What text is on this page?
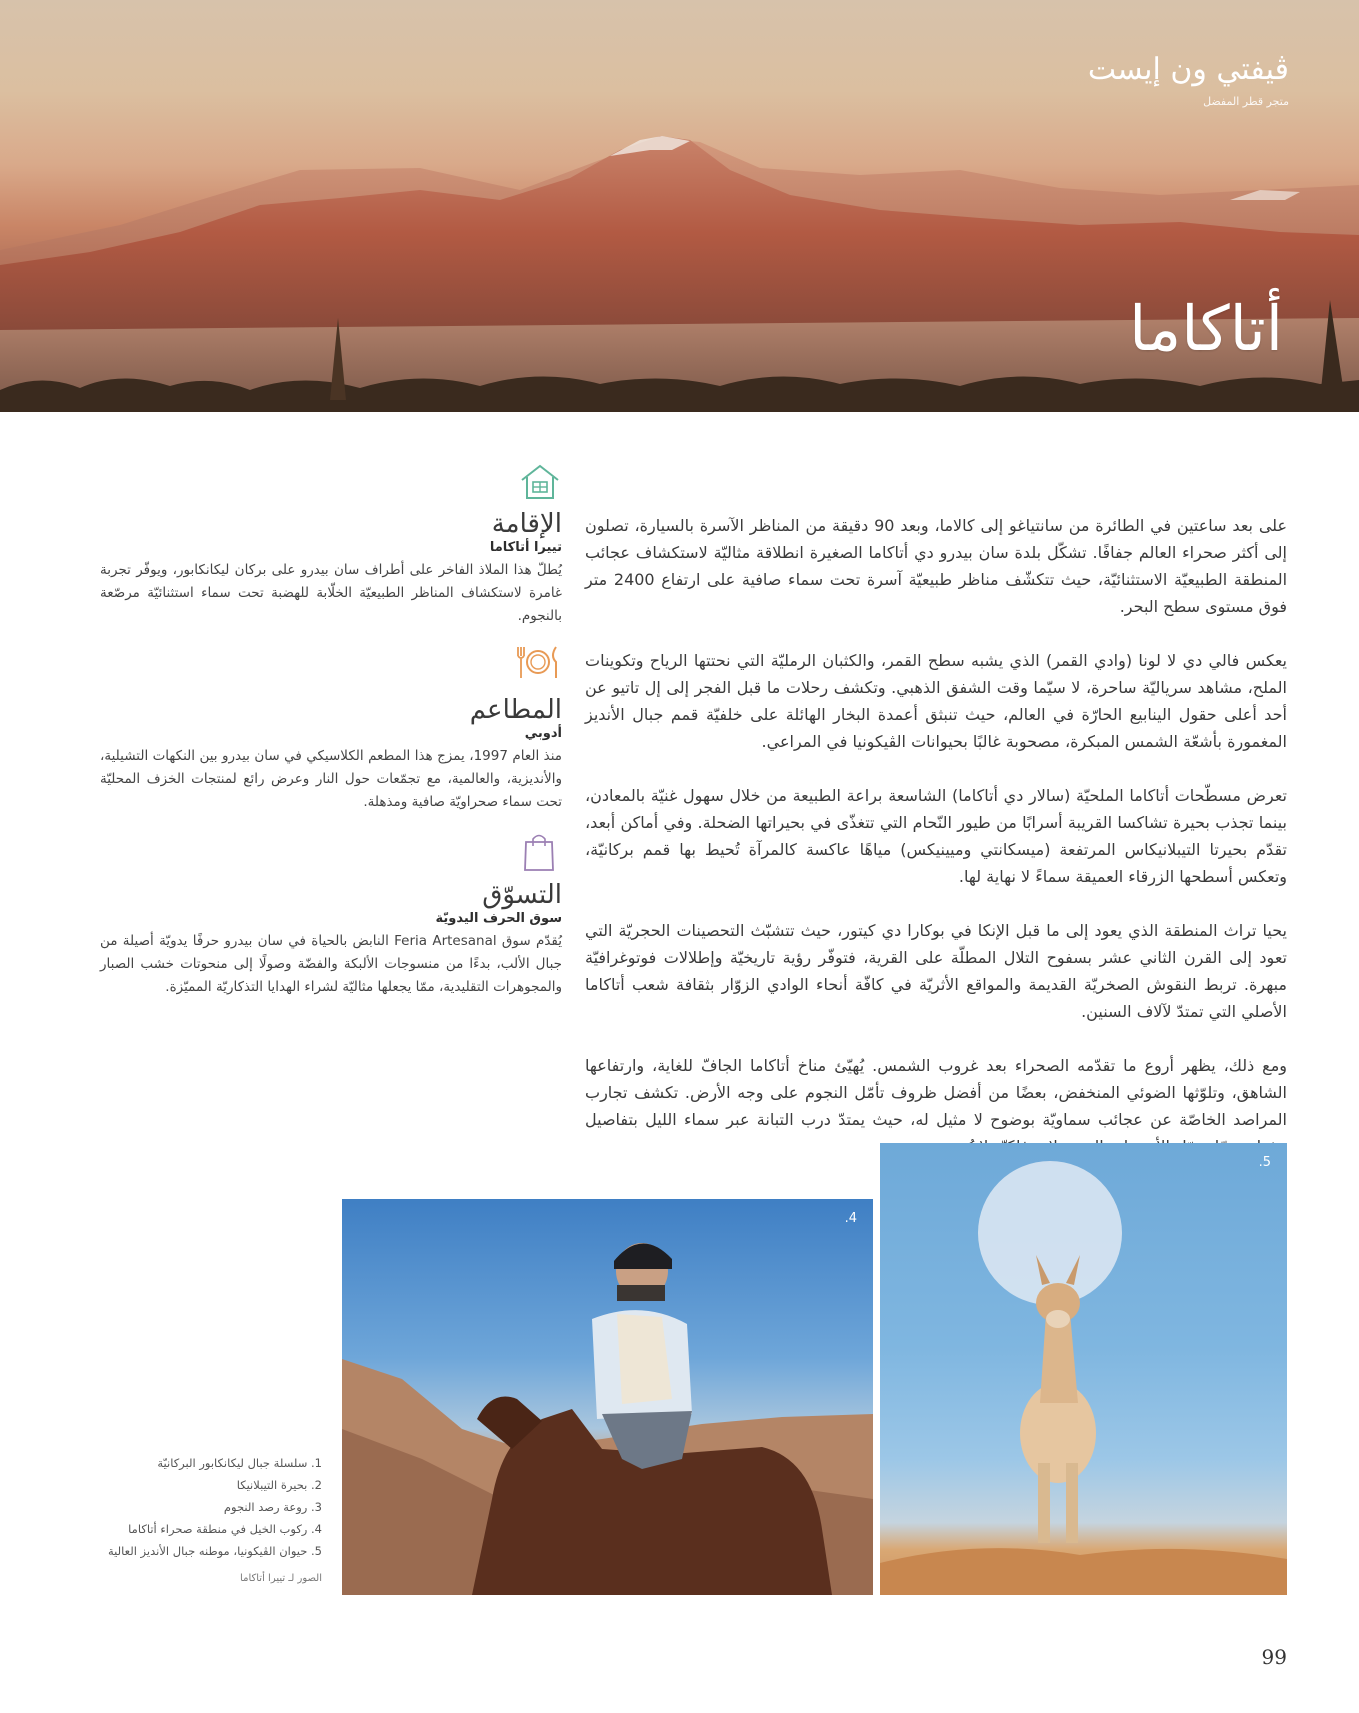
ڤيفتي ون إيست
متجر قطر المفضل
أتاكاما

على بعد ساعتين في الطائرة من سانتياغو إلى كالاما، وبعد 90 دقيقة من المناظر الآسرة بالسيارة، تصلون إلى أكثر صحراء العالم جفافًا. تشكّل بلدة سان بيدرو دي أتاكاما الصغيرة انطلاقة مثاليّة لاستكشاف عجائب المنطقة الطبيعيّة الاستثنائيّة، حيث تتكشّف مناظر طبيعيّة آسرة تحت سماء صافية على ارتفاع 2400 متر فوق مستوى سطح البحر.

يعكس فالي دي لا لونا (وادي القمر) الذي يشبه سطح القمر، والكثبان الرمليّة التي نحتتها الرياح وتكوينات الملح، مشاهد سرياليّة ساحرة، لا سيّما وقت الشفق الذهبي. وتكشف رحلات ما قبل الفجر إلى إل تاتيو عن أحد أعلى حقول الينابيع الحارّة في العالم، حيث تنبثق أعمدة البخار الهائلة على خلفيّة قمم جبال الأنديز المغمورة بأشعّة الشمس المبكرة، مصحوبة غالبًا بحيوانات الڤيكونيا في المراعي.

تعرض مسطّحات أتاكاما الملحيّة (سالار دي أتاكاما) الشاسعة براعة الطبيعة من خلال سهول غنيّة بالمعادن، بينما تجذب بحيرة تشاكسا القريبة أسرابًا من طيور النّحام التي تتغذّى في بحيراتها الضحلة. وفي أماكن أبعد، تقدّم بحيرتا التيبلانيكاس المرتفعة (ميسكانتي وميينيكس) مياهًا عاكسة كالمرآة تُحيط بها قمم بركانيّة، وتعكس أسطحها الزرقاء العميقة سماءً لا نهاية لها.

يحيا تراث المنطقة الذي يعود إلى ما قبل الإنكا في بوكارا دي كيتور، حيث تتشبّث التحصينات الحجريّة التي تعود إلى القرن الثاني عشر بسفوح التلال المطلّة على القرية، فتوفّر رؤية تاريخيّة وإطلالات فوتوغرافيّة مبهرة. تربط النقوش الصخريّة القديمة والمواقع الأثريّة في كافّة أنحاء الوادي الزوّار بثقافة شعب أتاكاما الأصلي التي تمتدّ لآلاف السنين.

ومع ذلك، يظهر أروع ما تقدّمه الصحراء بعد غروب الشمس. يُهيّئ مناخ أتاكاما الجافّ للغاية، وارتفاعها الشاهق، وتلوّثها الضوئي المنخفض، بعضًا من أفضل ظروف تأمّل النجوم على وجه الأرض. تكشف تجارب المراصد الخاصّة عن عجائب سماويّة بوضوح لا مثيل له، حيث يمتدّ درب التبانة عبر سماء الليل بتفاصيل

الإقامة
تييرا أتاكاما

يُطلّ هذا الملاذ الفاخر على أطراف سان بيدرو على بركان ليكانكابور، ويوفّر تجربة غامرة لاستكشاف المناظر الطبيعيّة الخلّابة للهضبة تحت سماء استثنائيّة مرصّعة بالنجوم.

المطاعم
أدوبي

منذ العام 1997، يمزج هذا المطعم الكلاسيكي في سان بيدرو بين النكهات التشيلية، والأنديزية، والعالمية، مع تجمّعات حول النار وعرض رائع لمنتجات الخزف المحليّة تحت سماء صحراويّة صافية ومذهلة.

التسوّق
سوق الحرف اليدويّة

يُقدّم سوق Feria Artesanal النابض بالحياة في سان بيدرو حرفًا يدويّة أصيلة من جبال الألب، بدءًا من منسوجات الألبكة والفضّة وصولًا إلى منحوتات خشب الصبار والمجوهرات التقليدية، ممّا يجعلها مثاليّة لشراء الهدايا التذكاريّة المميّزة.

5.
4.
1. سلسلة جبال ليكانكابور البركانيّة
2. بحيرة التيبلانيكا
3. روعة رصد النجوم
4. ركوب الخيل في منطقة صحراء أتاكاما
5. حيوان الڤيكونيا، موطنه جبال الأنديز العالية
الصور لـ تييرا أتاكاما
99
